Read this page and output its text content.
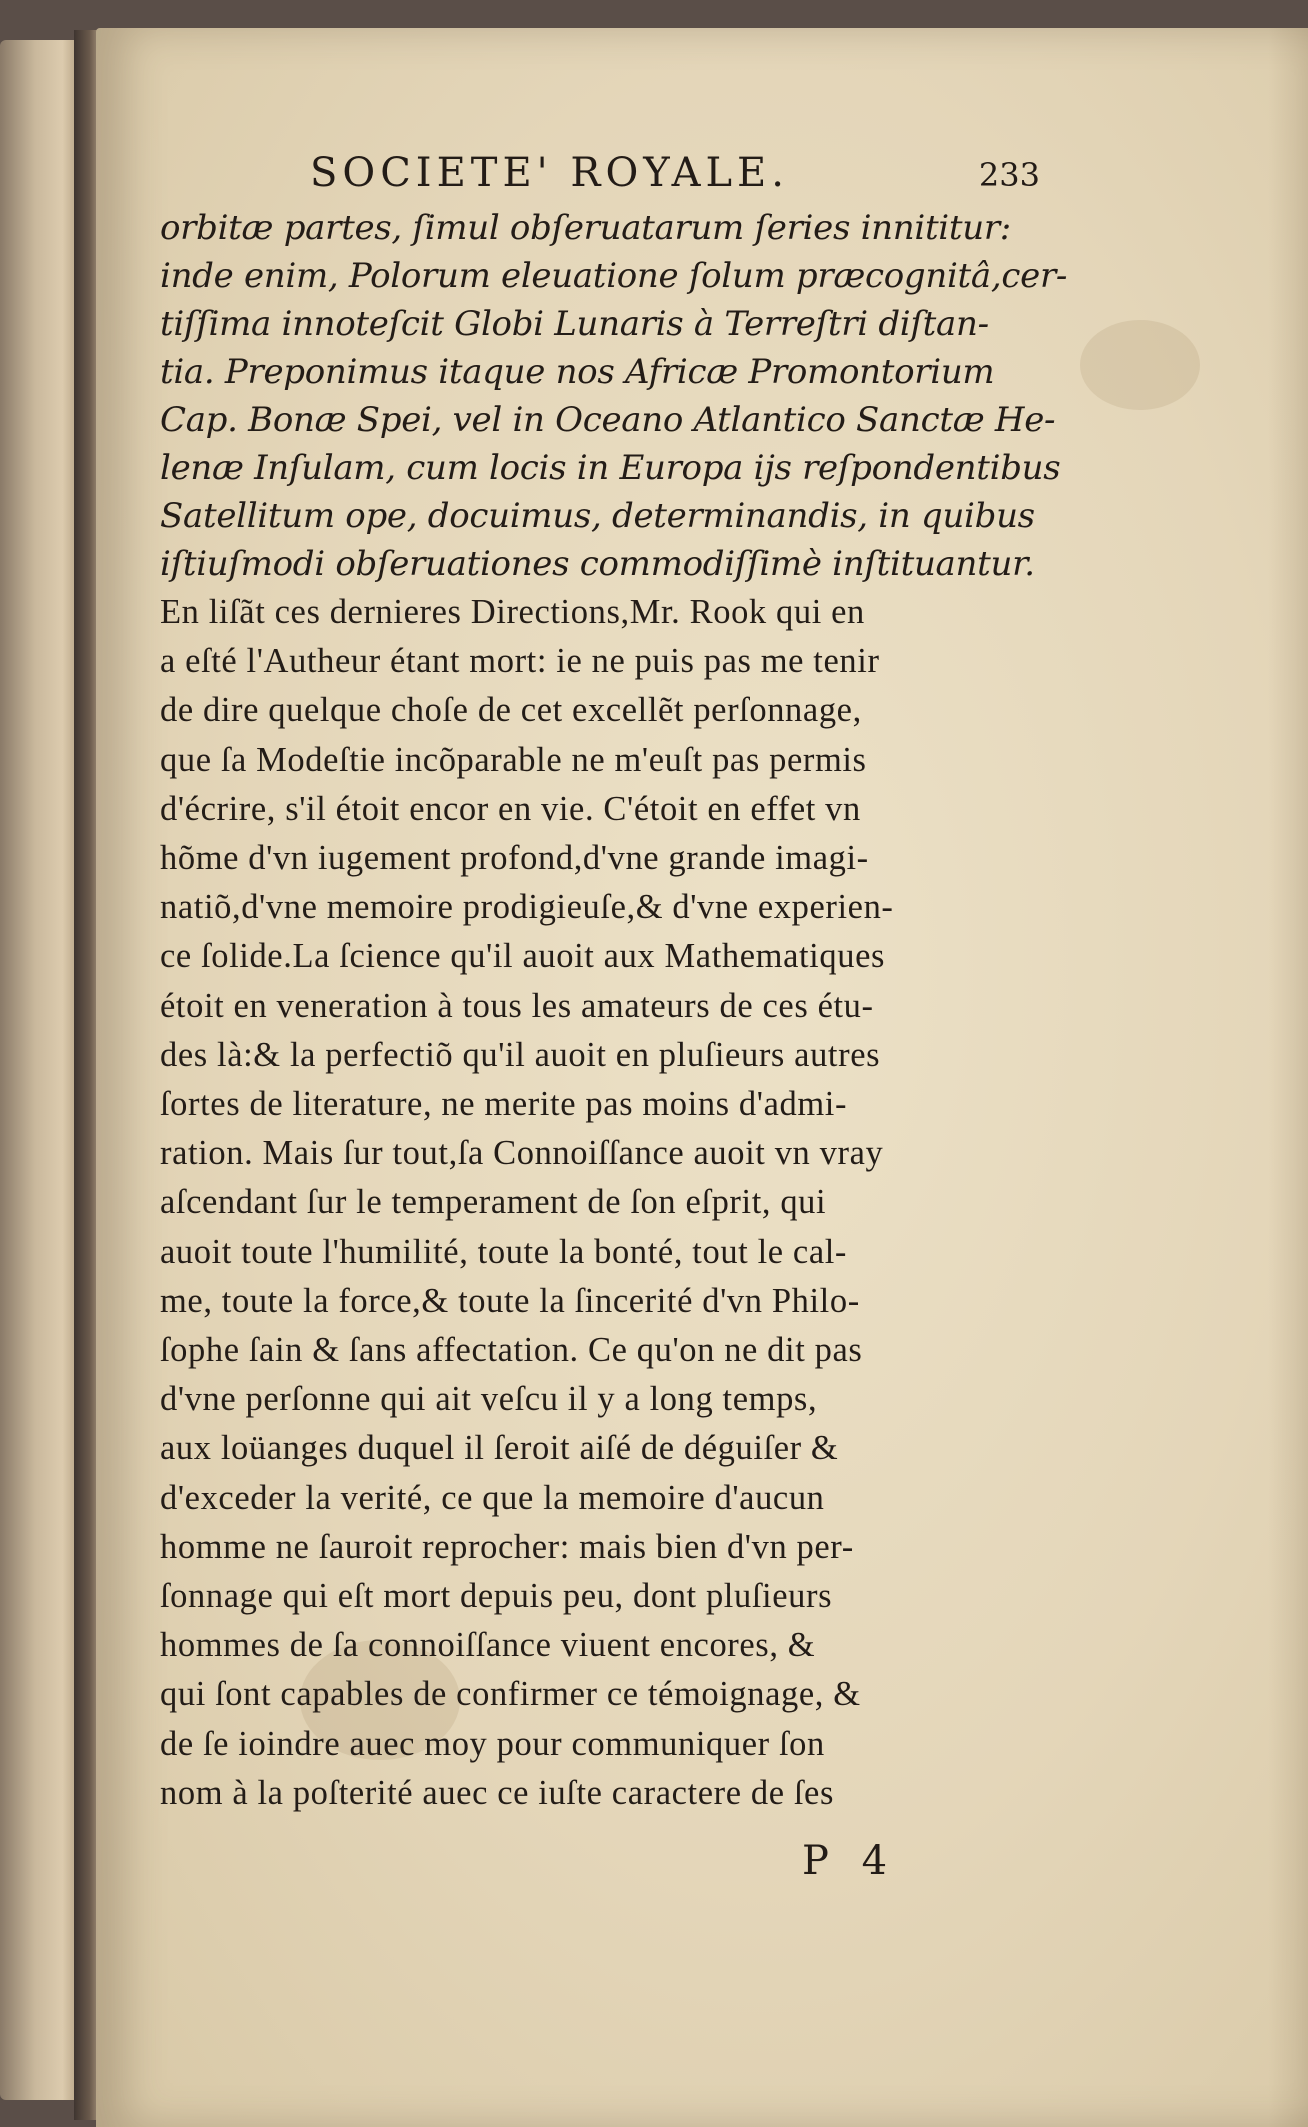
SOCIETE' ROYALE.	233

orbitæ partes, ſimul obſeruatarum ſeries innititur:
inde enim, Polorum eleuatione ſolum præcognitâ,cer-
tiſſima innoteſcit Globi Lunaris à Terreſtri diſtan-
tia. Preponimus itaque nos Africæ Promontorium
Cap. Bonæ Spei, vel in Oceano Atlantico Sanctæ He-
lenæ Inſulam, cum locis in Europa ijs reſpondentibus
Satellitum ope, docuimus, determinandis, in quibus
iſtiuſmodi obſeruationes commodiſſimè inſtituantur.

En liſãt ces dernieres Directions,Mr. Rook qui en
a eſté l'Autheur étant mort: ie ne puis pas me tenir
de dire quelque choſe de cet excellẽt perſonnage,
que ſa Modeſtie incõparable ne m'euſt pas permis
d'écrire, s'il étoit encor en vie. C'étoit en effet vn
hõme d'vn iugement profond,d'vne grande imagi-
natiõ,d'vne memoire prodigieuſe,& d'vne experien-
ce ſolide.La ſcience qu'il auoit aux Mathematiques
étoit en veneration à tous les amateurs de ces étu-
des là:& la perfectiõ qu'il auoit en pluſieurs autres
ſortes de literature, ne merite pas moins d'admi-
ration. Mais ſur tout,ſa Connoiſſance auoit vn vray
aſcendant ſur le temperament de ſon eſprit, qui
auoit toute l'humilité, toute la bonté, tout le cal-
me, toute la force,& toute la ſincerité d'vn Philo-
ſophe ſain & ſans affectation. Ce qu'on ne dit pas
d'vne perſonne qui ait veſcu il y a long temps,
aux loüanges duquel il ſeroit aiſé de déguiſer &
d'exceder la verité, ce que la memoire d'aucun
homme ne ſauroit reprocher: mais bien d'vn per-
ſonnage qui eſt mort depuis peu, dont pluſieurs
hommes de ſa connoiſſance viuent encores, &
qui ſont capables de confirmer ce témoignage, &
de ſe ioindre auec moy pour communiquer ſon
nom à la poſterité auec ce iuſte caractere de ſes

P 4
